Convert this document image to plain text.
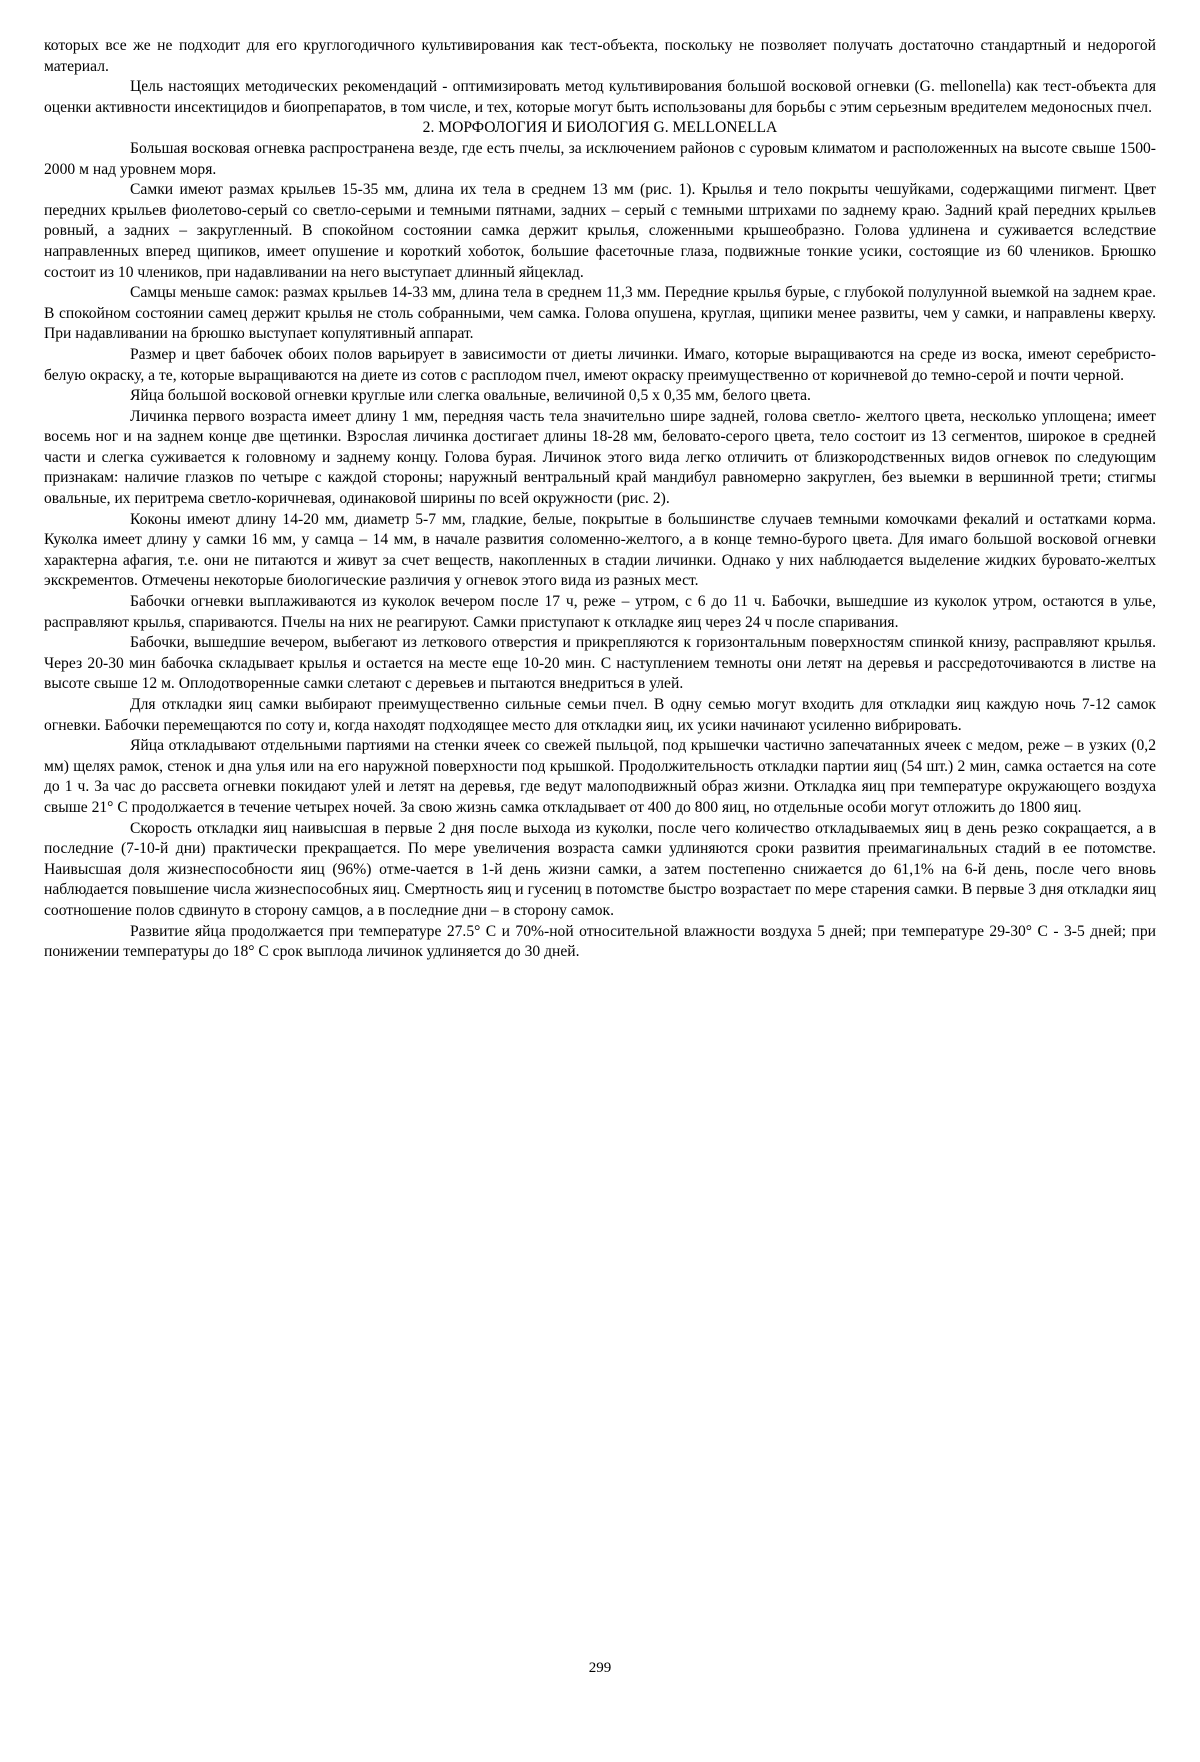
которых все же не подходит для его круглогодичного культивирования как тест-объекта, поскольку не позволяет получать достаточно стандартный и недорогой материал.

Цель настоящих методических рекомендаций - оптимизировать метод культивирования большой восковой огневки (G. mellonella) как тест-объекта для оценки активности инсектицидов и биопрепаратов, в том числе, и тех, которые могут быть использованы для борьбы с этим серьезным вредителем медоносных пчел.

2. МОРФОЛОГИЯ И БИОЛОГИЯ G. MELLONELLA

Большая восковая огневка распространена везде, где есть пчелы, за исключением районов с суровым климатом и расположенных на высоте свыше 1500-2000 м над уровнем моря.

Самки имеют размах крыльев 15-35 мм, длина их тела в среднем 13 мм (рис. 1). Крылья и тело покрыты чешуйками, содержащими пигмент. Цвет передних крыльев фиолетово-серый со светло-серыми и темными пятнами, задних – серый с темными штрихами по заднему краю. Задний край передних крыльев ровный, а задних – закругленный. В спокойном состоянии самка держит крылья, сложенными крышеобразно. Голова удлинена и суживается вследствие направленных вперед щипиков, имеет опушение и короткий хоботок, большие фасеточные глаза, подвижные тонкие усики, состоящие из 60 члеников. Брюшко состоит из 10 члеников, при надавливании на него выступает длинный яйцеклад.

Самцы меньше самок: размах крыльев 14-33 мм, длина тела в среднем 11,3 мм. Передние крылья бурые, с глубокой полулунной выемкой на заднем крае. В спокойном состоянии самец держит крылья не столь собранными, чем самка. Голова опушена, круглая, щипики менее развиты, чем у самки, и направлены кверху. При надавливании на брюшко выступает копулятивный аппарат.

Размер и цвет бабочек обоих полов варьирует в зависимости от диеты личинки. Имаго, которые выращиваются на среде из воска, имеют серебристо-белую окраску, а те, которые выращиваются на диете из сотов с расплодом пчел, имеют окраску преимущественно от коричневой до темно-серой и почти черной.

Яйца большой восковой огневки круглые или слегка овальные, величиной 0,5 х 0,35 мм, белого цвета.

Личинка первого возраста имеет длину 1 мм, передняя часть тела значительно шире задней, голова светло- желтого цвета, несколько уплощена; имеет восемь ног и на заднем конце две щетинки. Взрослая личинка достигает длины 18-28 мм, беловато-серого цвета, тело состоит из 13 сегментов, широкое в средней части и слегка суживается к головному и заднему концу. Голова бурая. Личинок этого вида легко отличить от близкородственных видов огневок по следующим признакам: наличие глазков по четыре с каждой стороны; наружный вентральный край мандибул равномерно закруглен, без выемки в вершинной трети; стигмы овальные, их перитрема светло-коричневая, одинаковой ширины по всей окружности (рис. 2).

Коконы имеют длину 14-20 мм, диаметр 5-7 мм, гладкие, белые, покрытые в большинстве случаев темными комочками фекалий и остатками корма. Куколка имеет длину у самки 16 мм, у самца – 14 мм, в начале развития соломенно-желтого, а в конце темно-бурого цвета. Для имаго большой восковой огневки характерна афагия, т.е. они не питаются и живут за счет веществ, накопленных в стадии личинки. Однако у них наблюдается выделение жидких буровато-желтых экскрементов. Отмечены некоторые биологические различия у огневок этого вида из разных мест.

Бабочки огневки выплаживаются из куколок вечером после 17 ч, реже – утром, с 6 до 11 ч. Бабочки, вышедшие из куколок утром, остаются в улье, расправляют крылья, спариваются. Пчелы на них не реагируют. Самки приступают к откладке яиц через 24 ч после спаривания.

Бабочки, вышедшие вечером, выбегают из леткового отверстия и прикрепляются к горизонтальным поверхностям спинкой книзу, расправляют крылья. Через 20-30 мин бабочка складывает крылья и остается на месте еще 10-20 мин. С наступлением темноты они летят на деревья и рассредоточиваются в листве на высоте свыше 12 м. Оплодотворенные самки слетают с деревьев и пытаются внедриться в улей.

Для откладки яиц самки выбирают преимущественно сильные семьи пчел. В одну семью могут входить для откладки яиц каждую ночь 7-12 самок огневки. Бабочки перемещаются по соту и, когда находят подходящее место для откладки яиц, их усики начинают усиленно вибрировать.

Яйца откладывают отдельными партиями на стенки ячеек со свежей пыльцой, под крышечки частично запечатанных ячеек с медом, реже – в узких (0,2 мм) щелях рамок, стенок и дна улья или на его наружной поверхности под крышкой. Продолжительность откладки партии яиц (54 шт.) 2 мин, самка остается на соте до 1 ч. За час до рассвета огневки покидают улей и летят на деревья, где ведут малоподвижный образ жизни. Откладка яиц при температуре окружающего воздуха свыше 21° С продолжается в течение четырех ночей. За свою жизнь самка откладывает от 400 до 800 яиц, но отдельные особи могут отложить до 1800 яиц.

Скорость откладки яиц наивысшая в первые 2 дня после выхода из куколки, после чего количество откладываемых яиц в день резко сокращается, а в последние (7-10-й дни) практически прекращается. По мере увеличения возраста самки удлиняются сроки развития преимагинальных стадий в ее потомстве. Наивысшая доля жизнеспособности яиц (96%) отме-чается в 1-й день жизни самки, а затем постепенно снижается до 61,1% на 6-й день, после чего вновь наблюдается повышение числа жизнеспособных яиц. Смертность яиц и гусениц в потомстве быстро возрастает по мере старения самки. В первые 3 дня откладки яиц соотношение полов сдвинуто в сторону самцов, а в последние дни – в сторону самок.

Развитие яйца продолжается при температуре 27.5° С и 70%-ной относительной влажности воздуха 5 дней; при температуре 29-30° С - 3-5 дней; при понижении температуры до 18° С срок выплода личинок удлиняется до 30 дней.

299
